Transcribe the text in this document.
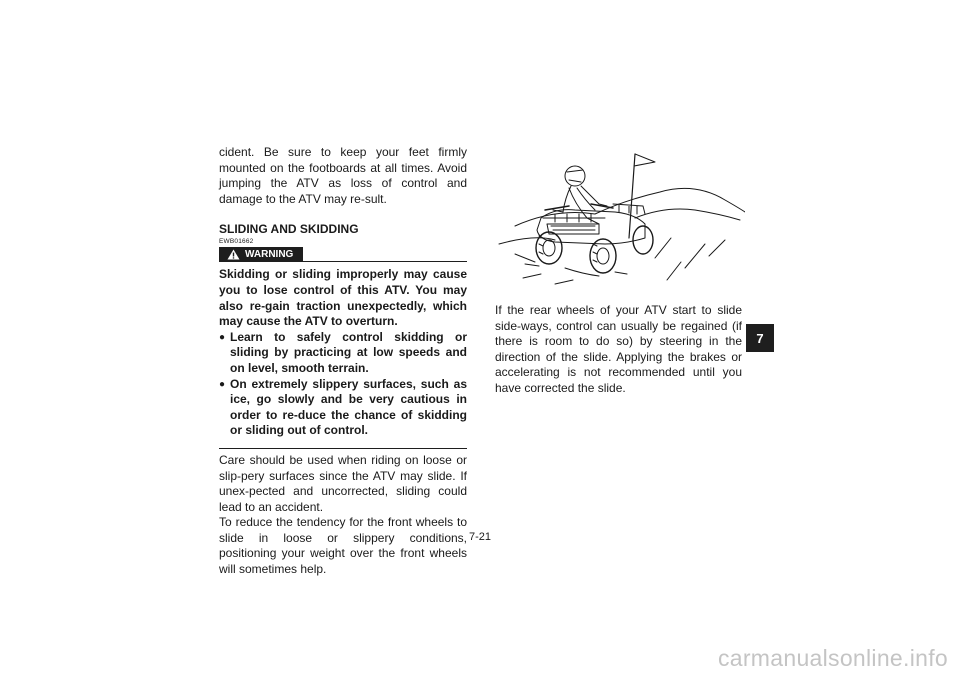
cident. Be sure to keep your feet firmly mounted on the footboards at all times. Avoid jumping the ATV as loss of control and damage to the ATV may re-sult.

SLIDING AND SKIDDING
EWB01662
WARNING

Skidding or sliding improperly may cause you to lose control of this ATV. You may also re-gain traction unexpectedly, which may cause the ATV to overturn.

● Learn to safely control skidding or sliding by practicing at low speeds and on level, smooth terrain.
● On extremely slippery surfaces, such as ice, go slowly and be very cautious in order to re-duce the chance of skidding or sliding out of control.

Care should be used when riding on loose or slip-pery surfaces since the ATV may slide. If unex-pected and uncorrected, sliding could lead to an accident.

To reduce the tendency for the front wheels to slide in loose or slippery conditions, positioning your weight over the front wheels will sometimes help.

If the rear wheels of your ATV start to slide side-ways, control can usually be regained (if there is room to do so) by steering in the direction of the slide. Applying the brakes or accelerating is not recommended until you have corrected the slide.

7
7-21
carmanualsonline.info
